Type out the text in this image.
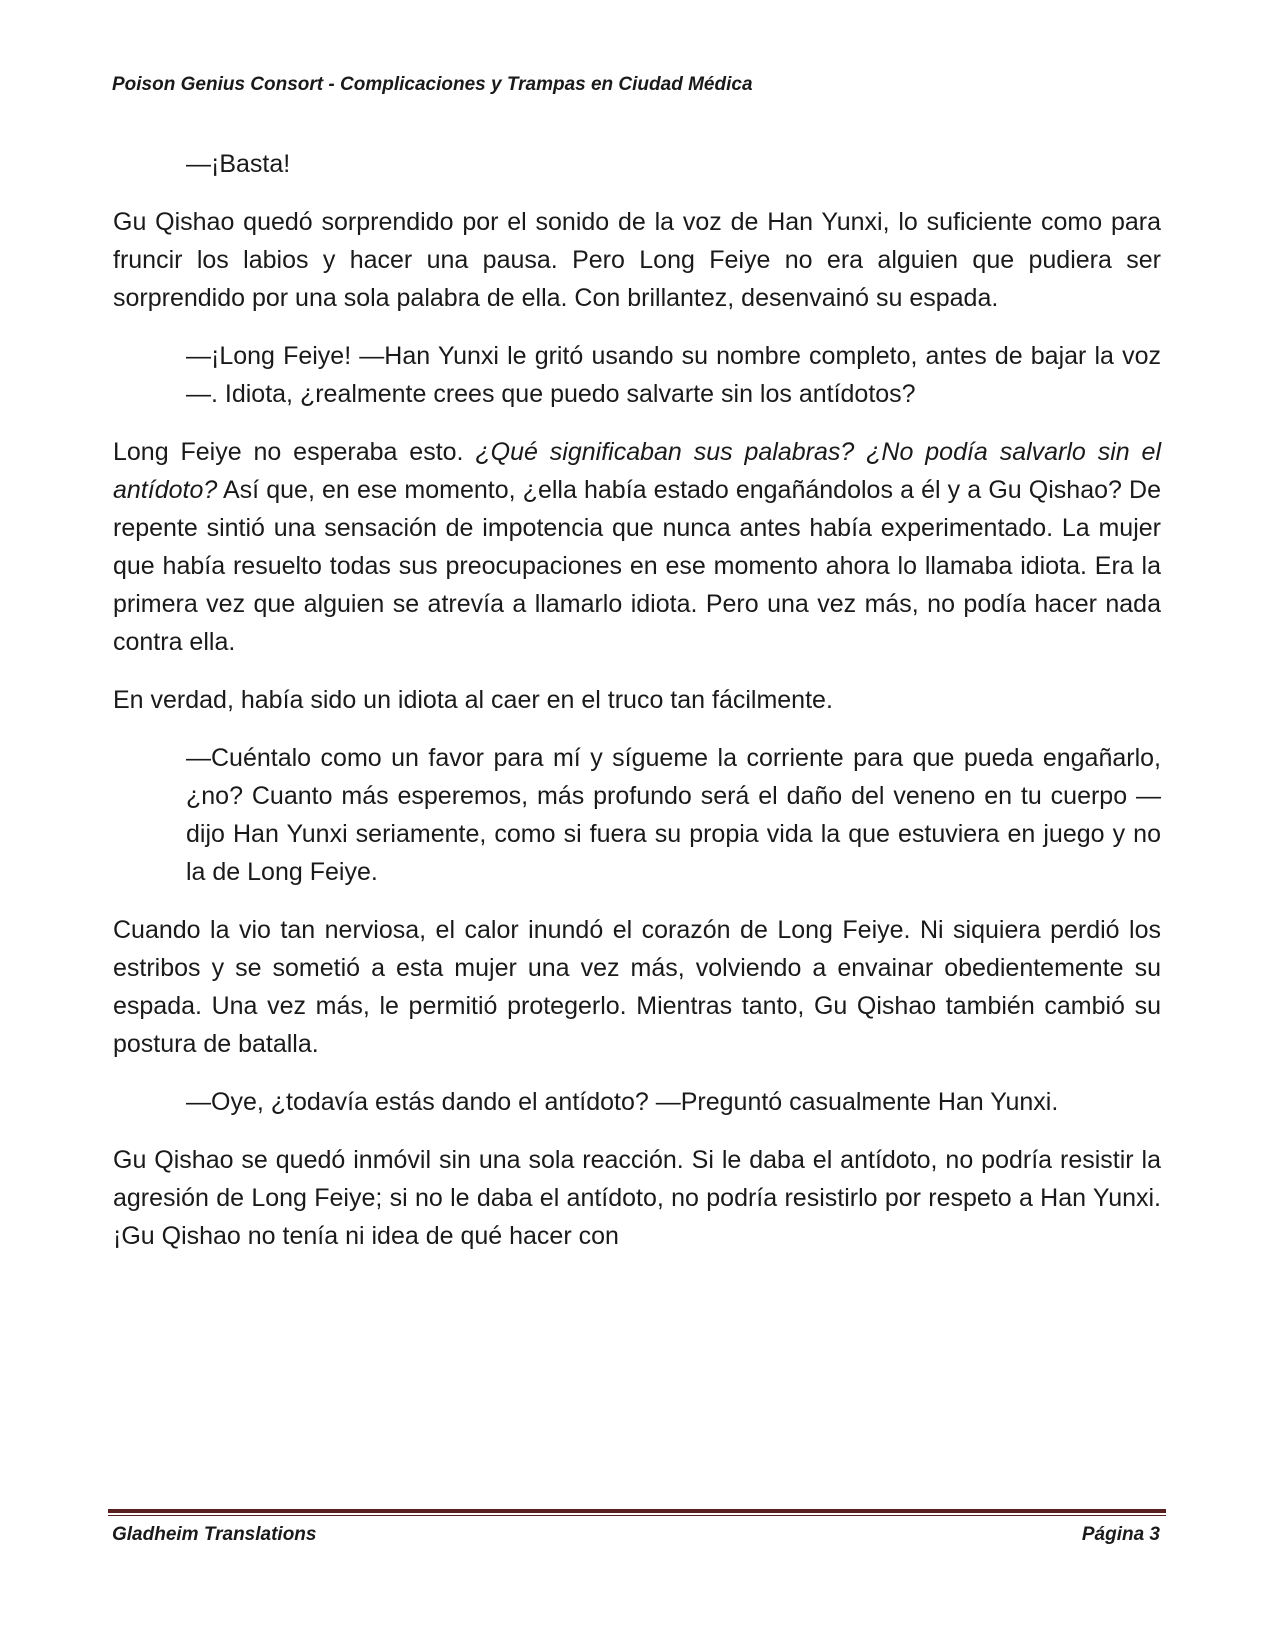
Poison Genius Consort - Complicaciones y Trampas en Ciudad Médica

—¡Basta!

Gu Qishao quedó sorprendido por el sonido de la voz de Han Yunxi, lo suficiente como para fruncir los labios y hacer una pausa. Pero Long Feiye no era alguien que pudiera ser sorprendido por una sola palabra de ella. Con brillantez, desenvainó su espada.

—¡Long Feiye! —Han Yunxi le gritó usando su nombre completo, antes de bajar la voz—. Idiota, ¿realmente crees que puedo salvarte sin los antídotos?

Long Feiye no esperaba esto. ¿Qué significaban sus palabras? ¿No podía salvarlo sin el antídoto? Así que, en ese momento, ¿ella había estado engañándolos a él y a Gu Qishao? De repente sintió una sensación de impotencia que nunca antes había experimentado. La mujer que había resuelto todas sus preocupaciones en ese momento ahora lo llamaba idiota. Era la primera vez que alguien se atrevía a llamarlo idiota. Pero una vez más, no podía hacer nada contra ella.

En verdad, había sido un idiota al caer en el truco tan fácilmente.

—Cuéntalo como un favor para mí y sígueme la corriente para que pueda engañarlo, ¿no? Cuanto más esperemos, más profundo será el daño del veneno en tu cuerpo —dijo Han Yunxi seriamente, como si fuera su propia vida la que estuviera en juego y no la de Long Feiye.

Cuando la vio tan nerviosa, el calor inundó el corazón de Long Feiye. Ni siquiera perdió los estribos y se sometió a esta mujer una vez más, volviendo a envainar obedientemente su espada. Una vez más, le permitió protegerlo. Mientras tanto, Gu Qishao también cambió su postura de batalla.

—Oye, ¿todavía estás dando el antídoto? —Preguntó casualmente Han Yunxi.

Gu Qishao se quedó inmóvil sin una sola reacción. Si le daba el antídoto, no podría resistir la agresión de Long Feiye; si no le daba el antídoto, no podría resistirlo por respeto a Han Yunxi. ¡Gu Qishao no tenía ni idea de qué hacer con

Gladheim Translations	Página 3
